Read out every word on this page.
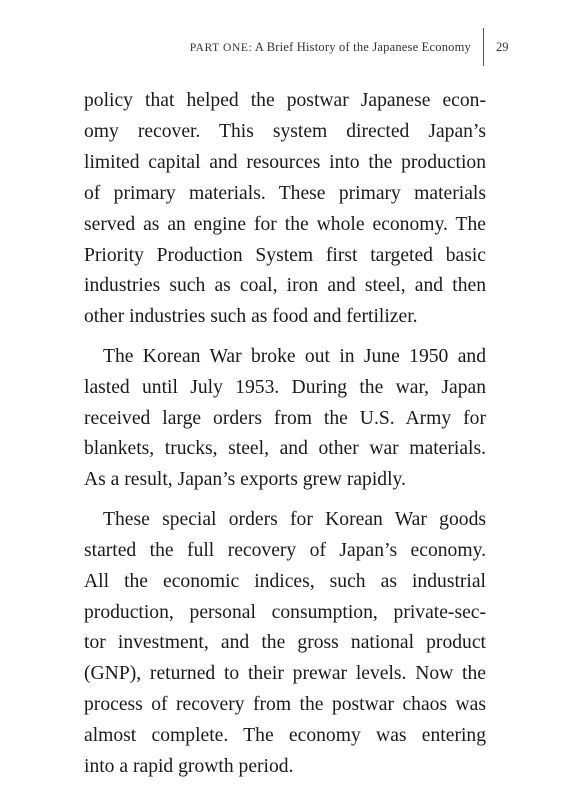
PART ONE: A Brief History of the Japanese Economy 29
policy that helped the postwar Japanese econ-
omy recover. This system directed Japan’s
limited capital and resources into the production
of primary materials. These primary materials
served as an engine for the whole economy. The
Priority Production System first targeted basic
industries such as coal, iron and steel, and then
other industries such as food and fertilizer.
The Korean War broke out in June 1950 and
lasted until July 1953. During the war, Japan
received large orders from the U.S. Army for
blankets, trucks, steel, and other war materials.
As a result, Japan’s exports grew rapidly.
These special orders for Korean War goods
started the full recovery of Japan’s economy.
All the economic indices, such as industrial
production, personal consumption, private-sec-
tor investment, and the gross national product
(GNP), returned to their prewar levels. Now the
process of recovery from the postwar chaos was
almost complete. The economy was entering
into a rapid growth period.
